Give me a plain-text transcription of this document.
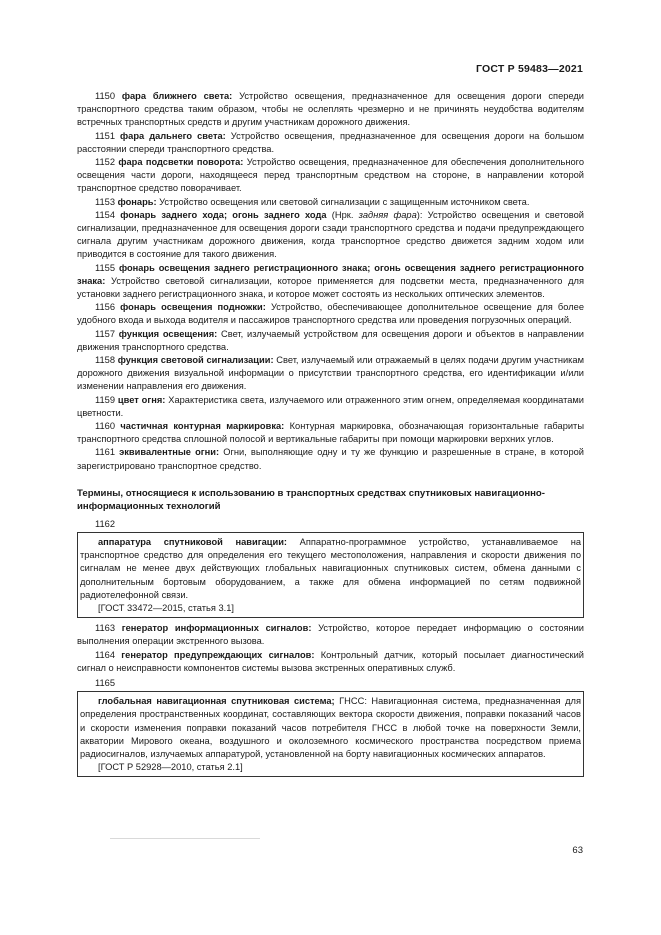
ГОСТ Р 59483—2021

1150 фара ближнего света: Устройство освещения, предназначенное для освещения дороги спереди транспортного средства таким образом, чтобы не ослеплять чрезмерно и не причинять неудобства водителям встречных транспортных средств и другим участникам дорожного движения.

1151 фара дальнего света: Устройство освещения, предназначенное для освещения дороги на большом расстоянии спереди транспортного средства.

1152 фара подсветки поворота: Устройство освещения, предназначенное для обеспечения дополнительного освещения части дороги, находящееся перед транспортным средством на стороне, в направлении которой транспортное средство поворачивает.

1153 фонарь: Устройство освещения или световой сигнализации с защищенным источником света.

1154 фонарь заднего хода; огонь заднего хода (Нрк. задняя фара): Устройство освещения и световой сигнализации, предназначенное для освещения дороги сзади транспортного средства и подачи предупреждающего сигнала другим участникам дорожного движения, когда транспортное средство движется задним ходом или приводится в состояние для такого движения.

1155 фонарь освещения заднего регистрационного знака; огонь освещения заднего регистрационного знака: Устройство световой сигнализации, которое применяется для подсветки места, предназначенного для установки заднего регистрационного знака, и которое может состоять из нескольких оптических элементов.

1156 фонарь освещения подножки: Устройство, обеспечивающее дополнительное освещение для более удобного входа и выхода водителя и пассажиров транспортного средства или проведения погрузочных операций.

1157 функция освещения: Свет, излучаемый устройством для освещения дороги и объектов в направлении движения транспортного средства.

1158 функция световой сигнализации: Свет, излучаемый или отражаемый в целях подачи другим участникам дорожного движения визуальной информации о присутствии транспортного средства, его идентификации и/или изменении направления его движения.

1159 цвет огня: Характеристика света, излучаемого или отраженного этим огнем, определяемая координатами цветности.

1160 частичная контурная маркировка: Контурная маркировка, обозначающая горизонтальные габариты транспортного средства сплошной полосой и вертикальные габариты при помощи маркировки верхних углов.

1161 эквивалентные огни: Огни, выполняющие одну и ту же функцию и разрешенные в стране, в которой зарегистрировано транспортное средство.

Термины, относящиеся к использованию в транспортных средствах спутниковых навигационно-информационных технологий
1162

аппаратура спутниковой навигации: Аппаратно-программное устройство, устанавливаемое на транспортное средство для определения его текущего местоположения, направления и скорости движения по сигналам не менее двух действующих глобальных навигационных спутниковых систем, обмена данными с дополнительным бортовым оборудованием, а также для обмена информацией по сетям подвижной радиотелефонной связи.

[ГОСТ 33472—2015, статья 3.1]

1163 генератор информационных сигналов: Устройство, которое передает информацию о состоянии выполнения операции экстренного вызова.

1164 генератор предупреждающих сигналов: Контрольный датчик, который посылает диагностический сигнал о неисправности компонентов системы вызова экстренных оперативных служб.

1165

глобальная навигационная спутниковая система; ГНСС: Навигационная система, предназначенная для определения пространственных координат, составляющих вектора скорости движения, поправки показаний часов и скорости изменения поправки показаний часов потребителя ГНСС в любой точке на поверхности Земли, акватории Мирового океана, воздушного и околоземного космического пространства посредством приема радиосигналов, излучаемых аппаратурой, установленной на борту навигационных космических аппаратов.

[ГОСТ Р 52928—2010, статья 2.1]

63
